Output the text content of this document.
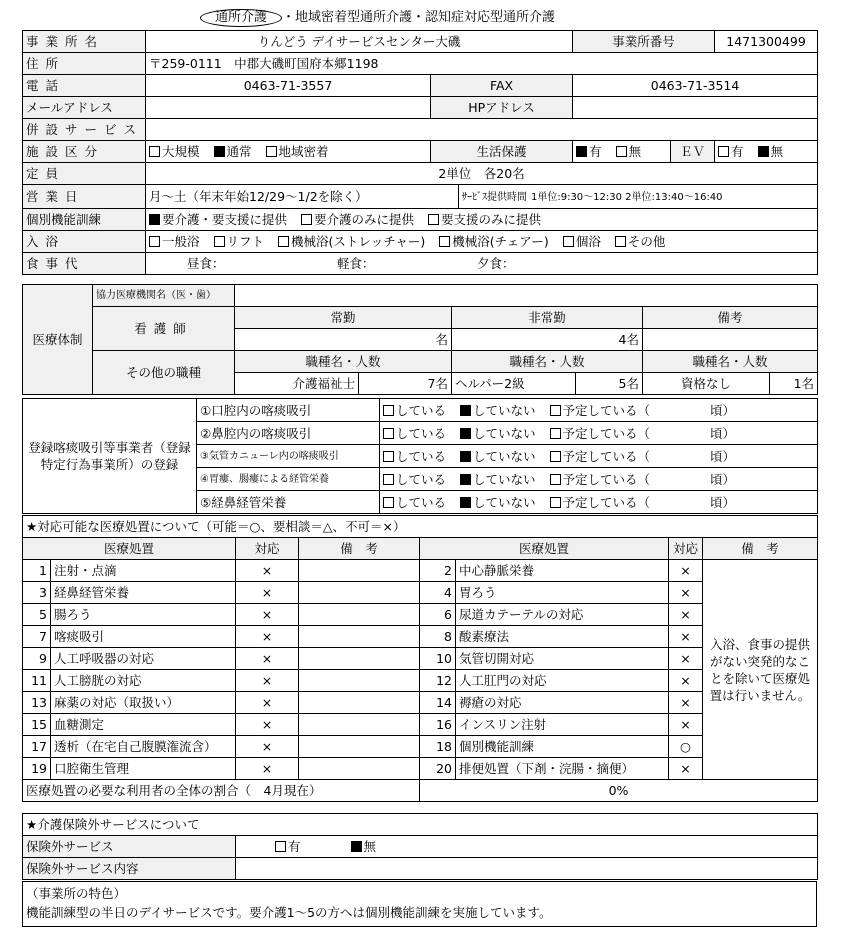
通所介護 ・地域密着型通所介護・認知症対応型通所介護
事業所名	りんどう デイサービスセンター大磯			事業所番号		1471300499
住所	〒259-0111　中郡大磯町国府本郷1198					
電話	0463-71-3557	FAX		0463-71-3514		
メールアドレス		HPアドレス				
併設サービス						
施設区分	大規模 通常 地域密着	生活保護		有 無	ＥＶ	有 無
定員	2単位　各20名					
営業日	月～土（年末年始12/29～1/2を除く）		ｻｰﾋﾞｽ提供時間 1単位:9:30～12:30 2単位:13:40～16:40			
個別機能訓練	要介護・要支援に提供 要介護のみに提供 要支援のみに提供					
入浴	一般浴 リフト 機械浴(ストレッチャー) 機械浴(チェアー) 個浴 その他					
食事代	昼食： 軽食： 夕食：					
医療体制	協力医療機関名（医・歯）						
	看護師	常勤		非常勤		備考	
		名		4名			
	その他の職種	職種名・人数		職種名・人数		職種名・人数	
		介護福祉士	7名	ヘルパー2級	5名	資格なし	1名
登録喀痰吸引等事業者（登録特定行為事業所）の登録	①口腔内の喀痰吸引	している していない 予定している（ 頃）
	②鼻腔内の喀痰吸引	している していない 予定している（ 頃）
	③気管カニューレ内の喀痰吸引	している していない 予定している（ 頃）
	④胃瘻、腸瘻による経管栄養	している していない 予定している（ 頃）
	⑤経鼻経管栄養	している していない 予定している（ 頃）
★対応可能な医療処置について（可能＝○、要相談＝△、不可＝×）							
医療処置		対応	備　考	医療処置		対応	備　考
1	注射・点滴	×		2	中心静脈栄養	×	入浴、食事の提供がない突発的なことを除いて医療処置は行いません。
3	経鼻経管栄養	×		4	胃ろう	×	
5	腸ろう	×		6	尿道カテーテルの対応	×	
7	喀痰吸引	×		8	酸素療法	×	
9	人工呼吸器の対応	×		10	気管切開対応	×	
11	人工膀胱の対応	×		12	人工肛門の対応	×	
13	麻薬の対応（取扱い）	×		14	褥瘡の対応	×	
15	血糖測定	×		16	インスリン注射	×	
17	透析（在宅自己腹膜潅流含）	×		18	個別機能訓練	○	
19	口腔衛生管理	×		20	排便処置（下剤・浣腸・摘便）	×	
医療処置の必要な利用者の全体の割合（　4月現在）				0%			
★介護保険外サービスについて	
保険外サービス	有 無
保険外サービス内容	
（事業所の特色）
機能訓練型の半日のデイサービスです。要介護1～5の方へは個別機能訓練を実施しています。
